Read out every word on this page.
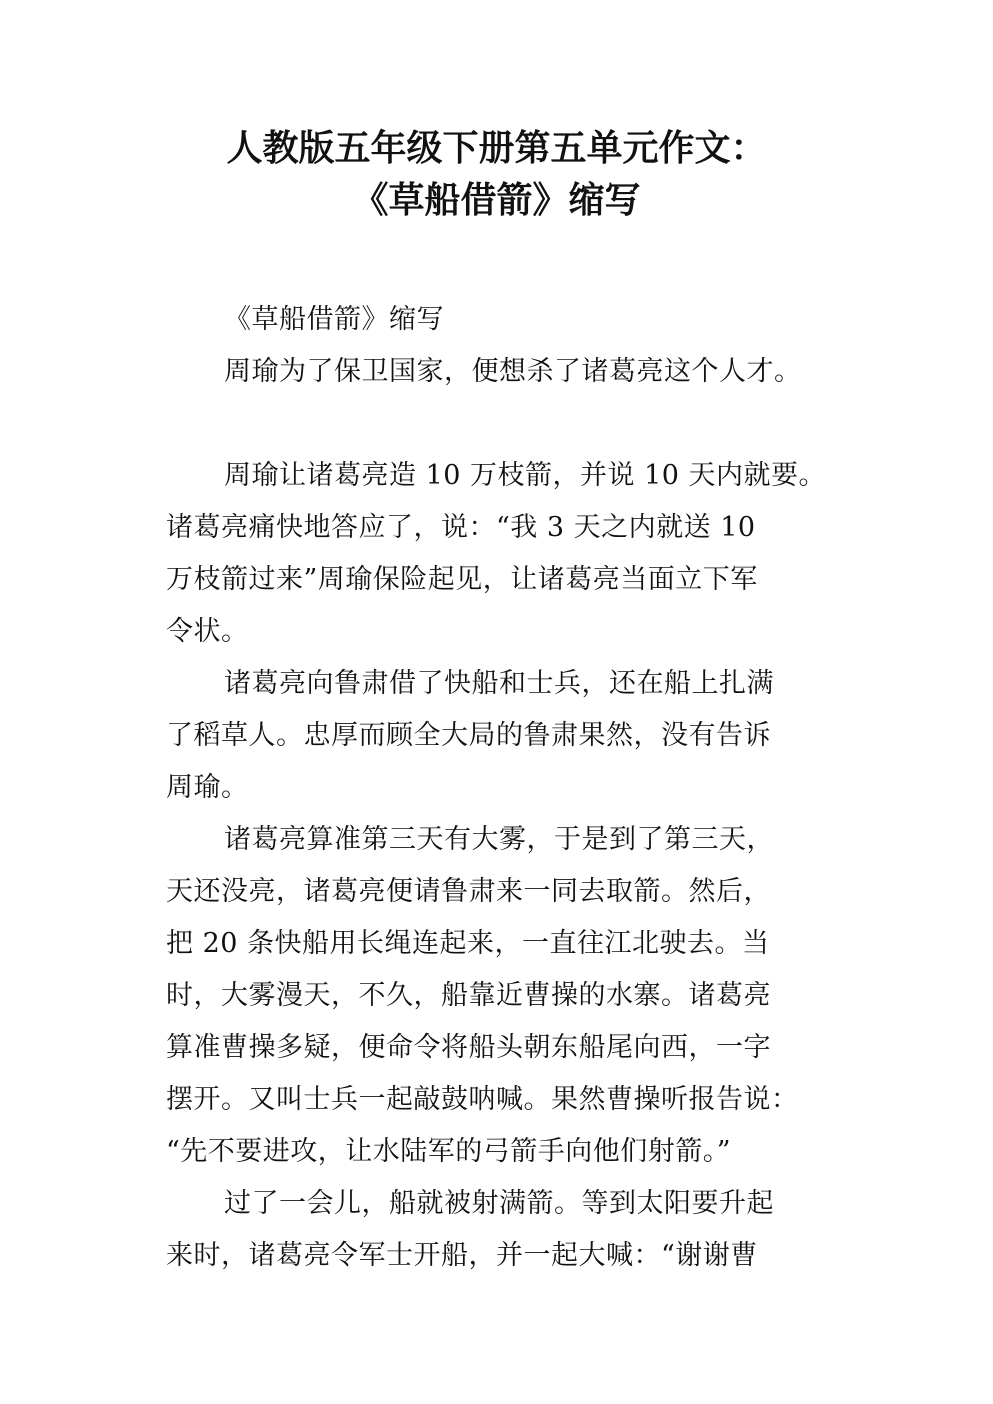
人教版五年级下册第五单元作文：
《草船借箭》缩写
《草船借箭》缩写
周瑜为了保卫国家，便想杀了诸葛亮这个人才。
周瑜让诸葛亮造 10 万枝箭，并说 10 天内就要。
诸葛亮痛快地答应了，说：“我 3 天之内就送 10
万枝箭过来”周瑜保险起见，让诸葛亮当面立下军
令状。
诸葛亮向鲁肃借了快船和士兵，还在船上扎满
了稻草人。忠厚而顾全大局的鲁肃果然，没有告诉
周瑜。
诸葛亮算准第三天有大雾，于是到了第三天，
天还没亮，诸葛亮便请鲁肃来一同去取箭。然后，
把 20 条快船用长绳连起来，一直往江北驶去。当
时，大雾漫天，不久，船靠近曹操的水寨。诸葛亮
算准曹操多疑，便命令将船头朝东船尾向西，一字
摆开。又叫士兵一起敲鼓呐喊。果然曹操听报告说：
“先不要进攻，让水陆军的弓箭手向他们射箭。”
过了一会儿，船就被射满箭。等到太阳要升起
来时，诸葛亮令军士开船，并一起大喊：“谢谢曹
